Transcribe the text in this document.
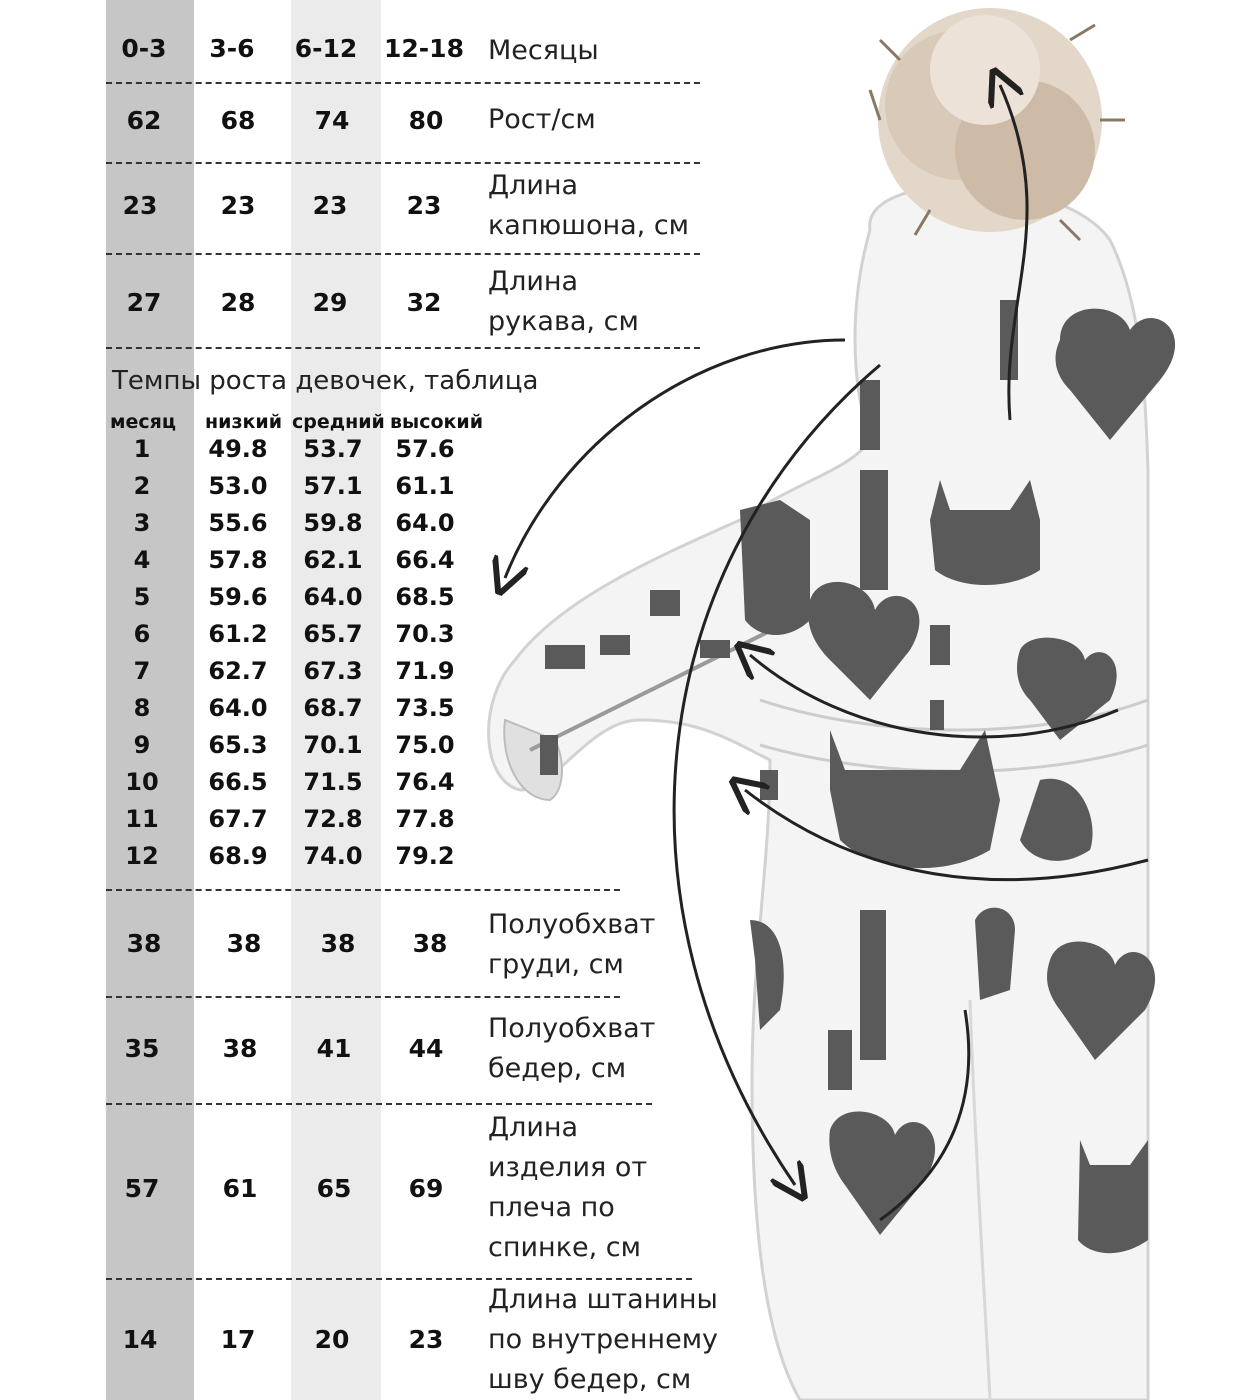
0-3	3-6	6-12	12-18 Месяцы
62	68	74	80	Рост/см
23	23	23	23
Длина
капюшона, см
27	28	29	32
Длина
рукава, см
Темпы роста девочек, таблица
месяц низкий средний высокий
1	49.8 53.7 57.6
2	53.0 57.1 61.1
3	55.6 59.8 64.0
4	57.8 62.1 66.4
5	59.6 64.0 68.5
6	61.2 65.7 70.3
7	62.7 67.3 71.9
8	64.0 68.7 73.5
9	65.3 70.1 75.0
10	66.5 71.5 76.4
11	67.7 72.8 77.8
12	68.9 74.0 79.2
38	38	38	38
Полуобхват
груди, см
35	38	41	44
Полуобхват
бедер, см
57	61	65	69
Длина
изделия от
плеча по
спинке, см
14	17	20	23
Длина штанины
по внутреннему
шву бедер, см
